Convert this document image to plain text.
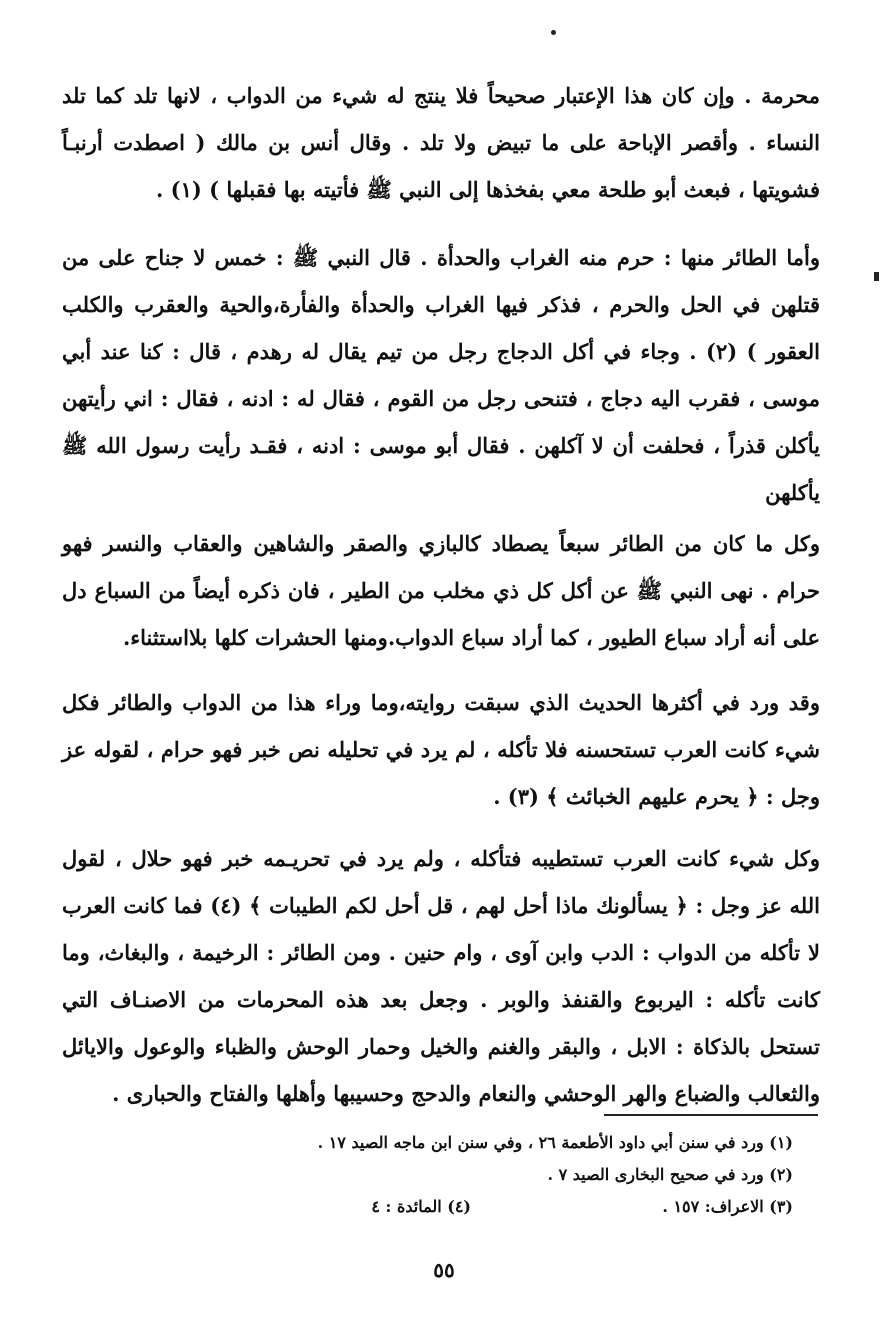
محرمة . وإن كان هذا الإعتبار صحيحاً فلا ينتج له شيء من الدواب ، لانها تلد كما تلد النساء . وأقصر الإباحة على ما تبيض ولا تلد . وقال أنس بن مالك ( اصطدت أرنبـاً فشويتها ، فبعث أبو طلحة معي بفخذها إلى النبي ﷺ فأتيته بها فقبلها ) (١) .

وأما الطائر منها : حرم منه الغراب والحدأة . قال النبي ﷺ : خمس لا جناح على من قتلهن في الحل والحرم ، فذكر فيها الغراب والحدأة والفأرة،والحية والعقرب والكلب العقور ) (٢) . وجاء في أكل الدجاج رجل من تيم يقال له رهدم ، قال : كنا عند أبي موسى ، فقرب اليه دجاج ، فتنحى رجل من القوم ، فقال له : ادنه ، فقال : اني رأيتهن يأكلن قذراً ، فحلفت أن لا آكلهن . فقال أبو موسى : ادنه ، فقـد رأيت رسول الله ﷺ يأكلهن

وكل ما كان من الطائر سبعاً يصطاد كالبازي والصقر والشاهين والعقاب والنسر فهو حرام . نهى النبي ﷺ عن أكل كل ذي مخلب من الطير ، فان ذكره أيضاً من السباع دل على أنه أراد سباع الطيور ، كما أراد سباع الدواب.ومنها الحشرات كلها بلااستثناء.

وقد ورد في أكثرها الحديث الذي سبقت روايته،وما وراء هذا من الدواب والطائر فكل شيء كانت العرب تستحسنه فلا تأكله ، لم يرد في تحليله نص خبر فهو حرام ، لقوله عز وجل : ﴿ يحرم عليهم الخبائث ﴾ (٣) .

وكل شيء كانت العرب تستطيبه فتأكله ، ولم يرد في تحريـمه خبر فهو حلال ، لقول الله عز وجل : ﴿ يسألونك ماذا أحل لهم ، قل أحل لكم الطيبات ﴾ (٤) فما كانت العرب لا تأكله من الدواب : الدب وابن آوى ، وام حنين . ومن الطائر : الرخيمة ، والبغاث، وما كانت تأكله : اليربوع والقنفذ والوبر . وجعل بعد هذه المحرمات من الاصنـاف التي تستحل بالذكاة : الابل ، والبقر والغنم والخيل وحمار الوحش والظباء والوعول والايائل والثعالب والضباع والهر الوحشي والنعام والدحج وحسيبها وأهلها والفتاح والحبارى .

(١) ورد في سنن أبي داود الأطعمة ٢٦ ، وفي سنن ابن ماجه الصيد ١٧ .
(٢) ورد في صحيح البخارى الصيد ٧ .
(٣) الاعراف: ١٥٧ .
(٤) المائدة : ٤
٥٥
